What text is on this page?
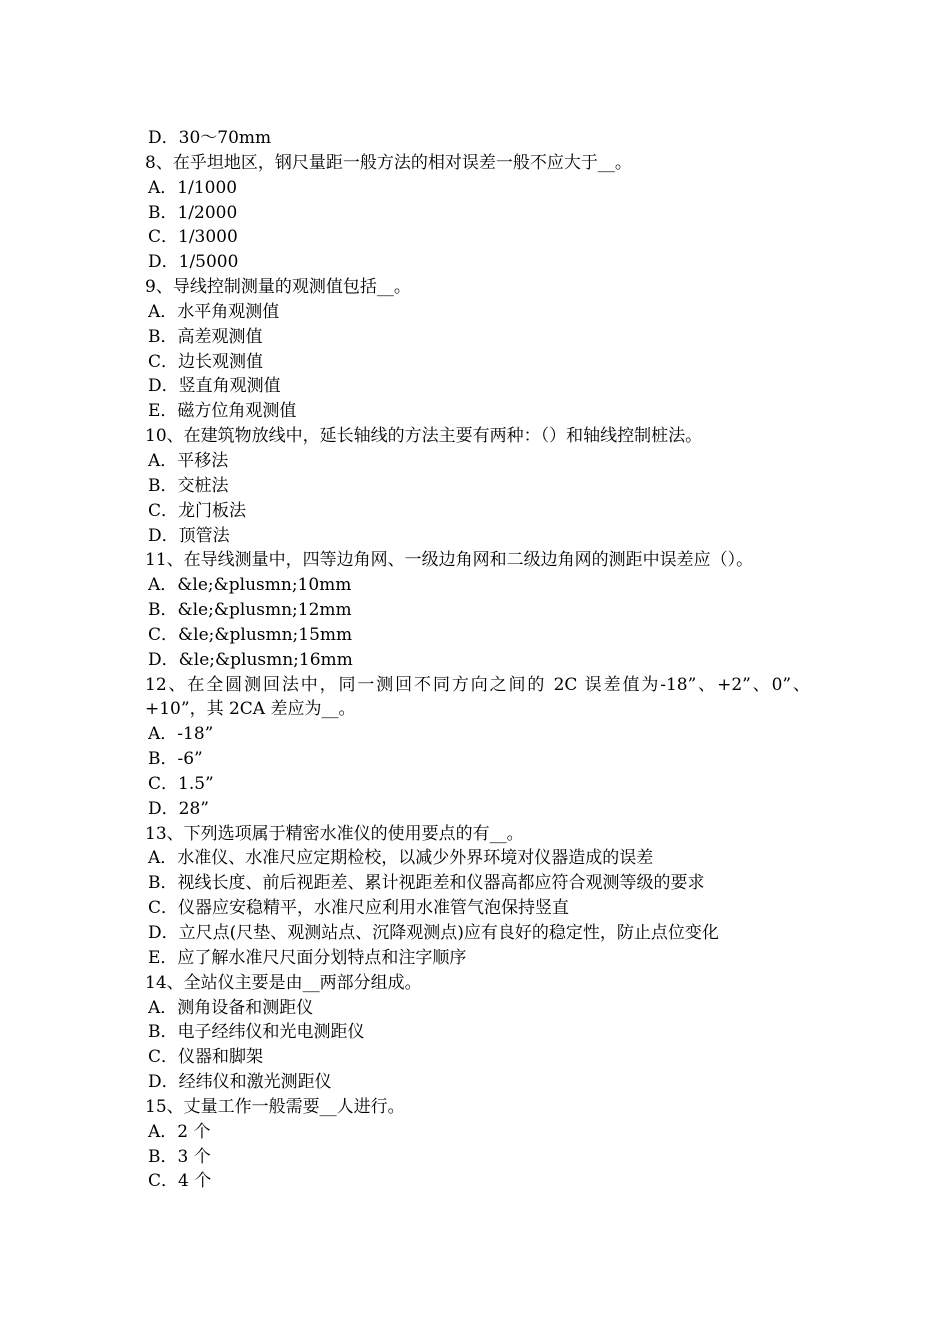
D．30～70mm
8、在乎坦地区，钢尺量距一般方法的相对误差一般不应大于__。
A．1/1000
B．1/2000
C．1/3000
D．1/5000
9、导线控制测量的观测值包括__。
A．水平角观测值
B．高差观测值
C．边长观测值
D．竖直角观测值
E．磁方位角观测值
10、在建筑物放线中，延长轴线的方法主要有两种：（）和轴线控制桩法。
A．平移法
B．交桩法
C．龙门板法
D．顶管法
11、在导线测量中，四等边角网、一级边角网和二级边角网的测距中误差应（）。
A．&le;&plusmn;10mm
B．&le;&plusmn;12mm
C．&le;&plusmn;15mm
D．&le;&plusmn;16mm
12、在全圆测回法中，同一测回不同方向之间的 2C 误差值为-18”、+2”、0”、+10”，其 2CA 差应为__。
A．-18”
B．-6”
C．1.5”
D．28”
13、下列选项属于精密水准仪的使用要点的有__。
A．水准仪、水准尺应定期检校，以减少外界环境对仪器造成的误差
B．视线长度、前后视距差、累计视距差和仪器高都应符合观测等级的要求
C．仪器应安稳精平，水准尺应利用水准管气泡保持竖直
D．立尺点(尺垫、观测站点、沉降观测点)应有良好的稳定性，防止点位变化
E．应了解水准尺尺面分划特点和注字顺序
14、全站仪主要是由__两部分组成。
A．测角设备和测距仪
B．电子经纬仪和光电测距仪
C．仪器和脚架
D．经纬仪和激光测距仪
15、丈量工作一般需要__人进行。
A．2 个
B．3 个
C．4 个
